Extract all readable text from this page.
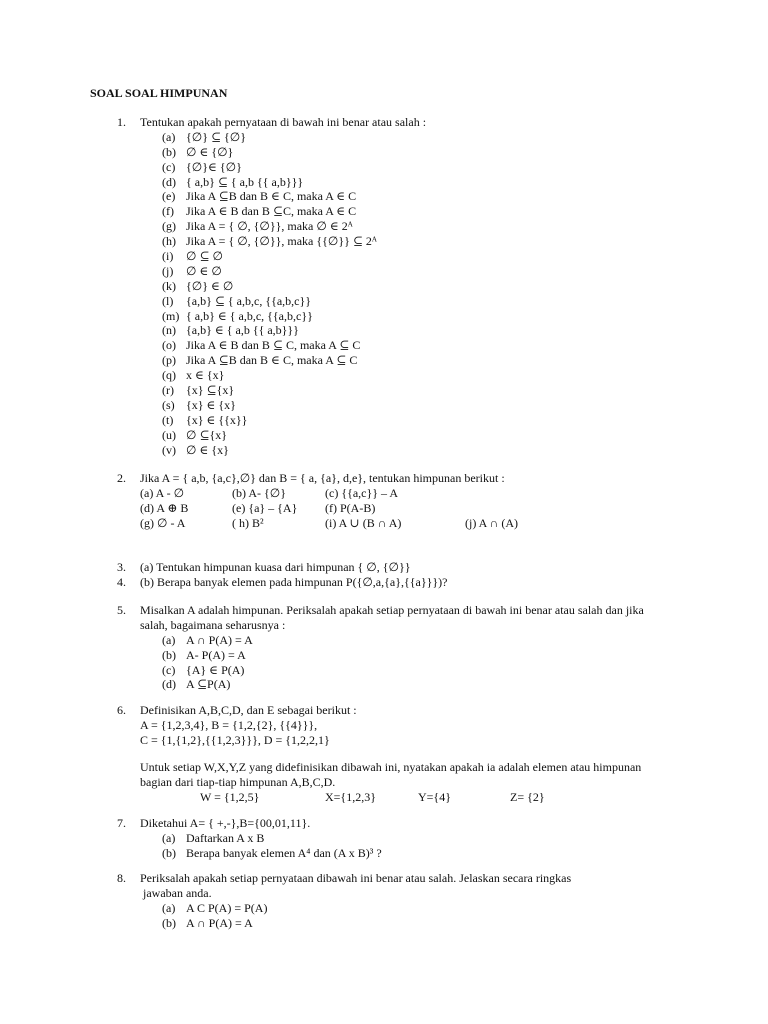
SOAL SOAL HIMPUNAN
1. Tentukan apakah pernyataan di bawah ini benar atau salah :
(a) {∅} ⊆ {∅}
(b) ∅ ∈ {∅}
(c) {∅}∈ {∅}
(d) { a,b} ⊆ { a,b {{ a,b}}}
(e) Jika A ⊆B dan B ∈ C, maka A ∈ C
(f) Jika A ∈ B dan B ⊆C, maka A ∈ C
(g) Jika A = { ∅, {∅}}, maka ∅ ∈ 2ᴬ
(h) Jika A = { ∅, {∅}}, maka {{∅}} ⊆ 2ᴬ
(i) ∅ ⊆ ∅
(j) ∅ ∈ ∅
(k) {∅} ∈ ∅
(l) {a,b} ⊆ { a,b,c, {{a,b,c}}
(m) { a,b} ∈ { a,b,c, {{a,b,c}}
(n) {a,b} ∈ { a,b {{ a,b}}}
(o) Jika A ∈ B dan B ⊆ C, maka A ⊆ C
(p) Jika A ⊆B dan B ∈ C, maka A ⊆ C
(q) x ∈ {x}
(r) {x} ⊆{x}
(s) {x} ∈ {x}
(t) {x} ∈ {{x}}
(u) ∅ ⊆{x}
(v) ∅ ∈ {x}
2. Jika A = { a,b, {a,c},∅} dan B = { a, {a}, d,e}, tentukan himpunan berikut :
(a) A - ∅	(b) A- {∅}	(c) {{a,c}} – A
(d) A ⊕ B	(e) {a} – {A} (f) P(A-B)
(g) ∅ - A	( h) B²	(i) A ∪ (B ∩ A)	(j) A ∩ (A)
3. (a) Tentukan himpunan kuasa dari himpunan { ∅, {∅}}
4. (b) Berapa banyak elemen pada himpunan P({∅,a,{a},{{a}}})?
5. Misalkan A adalah himpunan. Periksalah apakah setiap pernyataan di bawah ini benar atau salah dan jika
salah, bagaimana seharusnya :
(a) A ∩ P(A) = A
(b) A- P(A) = A
(c) {A} ∈ P(A)
(d) A ⊆P(A)
6. Definisikan A,B,C,D, dan E sebagai berikut :
A = {1,2,3,4}, B = {1,2,{2}, {{4}}},
C = {1,{1,2},{{1,2,3}}}, D = {1,2,2,1}
Untuk setiap W,X,Y,Z yang didefinisikan dibawah ini, nyatakan apakah ia adalah elemen atau himpunan
bagian dari tiap-tiap himpunan A,B,C,D.
W = {1,2,5}	X={1,2,3}	Y={4}	Z= {2}
7. Diketahui A= { +,-},B={00,01,11}.
(a) Daftarkan A x B
(b) Berapa banyak elemen A⁴ dan (A x B)³ ?
8. Periksalah apakah setiap pernyataan dibawah ini benar atau salah. Jelaskan secara ringkas
jawaban anda.
(a) A C P(A) = P(A)
(b) A ∩ P(A) = A
